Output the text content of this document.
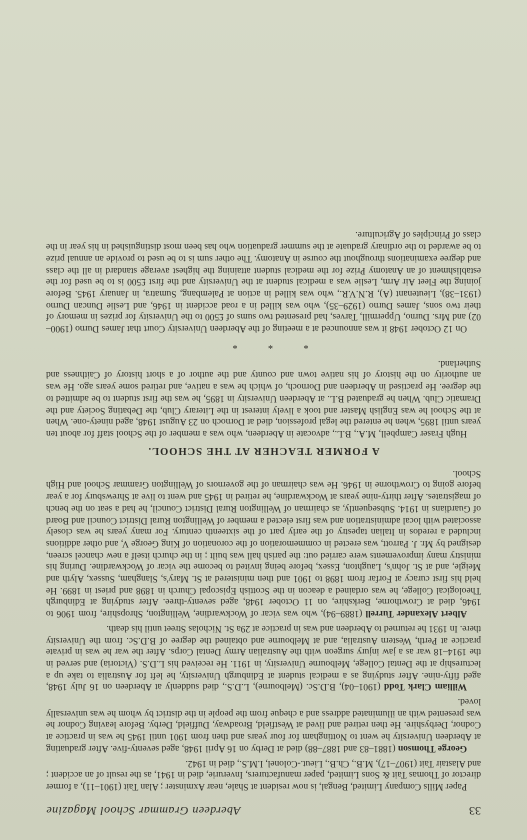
33
Aberdeen Grammar School Magazine

Paper Mills Company Limited, Bengal, is now resident at Shale, near Axminster ; Alan Tait (1901–11), a former director of Thomas Tait & Sons Limited, paper manufacturers, Inverurie, died in 1941, as the result of an accident ; and Alastair Tait (1907–17), M.B., Ch.B., Lieut.-Colonel, I.M.S., died in 1942.

George Thomson (1881–83 and 1887–88) died at Derby on 16 April 1948, aged seventy-five. After graduating at Aberdeen University he went to Nottingham for four years and then from 1901 until 1945 he was in practice at Codnor, Derbyshire. He then retired and lived at Westfield, Broadway, Duffield, Derby. Before leaving Codnor he was presented with an illuminated address and a cheque from the people in the district by whom he was universally loved.

William Clark Todd (1901–04), B.D.Sc. (Melbourne), L.D.S., died suddenly at Aberdeen on 16 July 1948, aged fifty-nine. After studying as a medical student at Edinburgh University, he left for Australia to take up a lectureship at the Dental College, Melbourne University, in 1911. He received his L.D.S. (Victoria) and served in the 1914–18 war as a jaw injury surgeon with the Australian Army Dental Corps. After the war he was in private practice at Perth, Western Australia, and at Melbourne and obtained the degree of B.D.Sc. from the University there. In 1931 he returned to Aberdeen and was in practice at 29a St. Nicholas Street until his death.

Albert Alexander Turrell (1889–94), who was vicar of Wockwardine, Wellington, Shropshire, from 1906 to 1946, died at Crowthorne, Berkshire, on 11 October 1948, aged seventy-three. After studying at Edinburgh Theological College, he was ordained a deacon in the Scottish Episcopal Church in 1898 and priest in 1899. He held his first curacy at Forfar from 1898 to 1901 and then ministered at St. Mary's, Slangham, Sussex, Alyth and Meigle, and at St. John's, Laughton, Essex, before being invited to become the vicar of Wockwardine. During his ministry many improvements were carried out: the parish hall was built ; in the church itself a new chancel screen, designed by Mr. J. Parrott, was erected in commemoration of the coronation of King George V, and other additions included a reredos in Italian tapestry of the early part of the sixteenth century. For many years he was closely associated with local administration and was first elected a member of Wellington Rural District Council and Board of Guardians in 1914. Subsequently, as chairman of Wellington Rural District Council, he had a seat on the bench of magistrates. After thirty-nine years at Wockwardine, he retired in 1945 and went to live at Shrewsbury for a year before going to Crowthorne in 1946. He was chairman of the governors of Wellington Grammar School and High School.

A FORMER TEACHER AT THE SCHOOL.

Hugh Fraser Campbell, M.A., B.L., advocate in Aberdeen, who was a member of the School staff for about ten years until 1895, when he entered the legal profession, died at Dornoch on 23 August 1948, aged ninety-one. When at the School he was English Master and took a lively interest in the Literary Club, the Debating Society and the Dramatic Club. When he graduated B.L. at Aberdeen University in 1895, he was the first student to be admitted to the degree. He practised in Aberdeen and Dornoch, of which he was a native, and retired some years ago. He was an authority on the history of his native town and county and the author of a short history of Caithness and Sutherland.

* * *

On 12 October 1948 it was announced at a meeting of the Aberdeen University Court that James Durno (1900–02) and Mrs. Durno, Uppermill, Tarves, had presented two sums of £500 to the University for prizes in memory of their two sons, James Durno (1929–35), who was killed in a road accident in 1946, and Leslie Duncan Durno (1931–38), Lieutenant (A), R.N.V.R., who was killed in action at Palembang, Sumatra, in January 1945. Before joining the Fleet Air Arm, Leslie was a medical student at the University and the first £500 is to be used for the establishment of an Anatomy Prize for the medical student attaining the highest average standard in all the class and degree examinations throughout the course in Anatomy. The other sum is to be used to provide an annual prize to be awarded to the ordinary graduate at the summer graduation who has been most distinguished in his year in the class of Principles of Agriculture.
